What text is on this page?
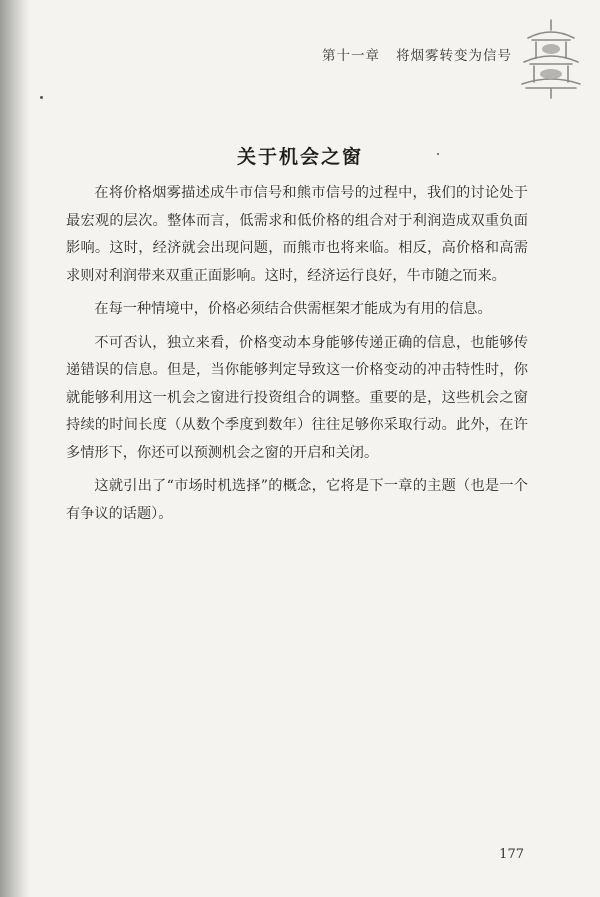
第十一章 将烟雾转变为信号
关于机会之窗

在将价格烟雾描述成牛市信号和熊市信号的过程中，我们的讨论处于最宏观的层次。整体而言，低需求和低价格的组合对于利润造成双重负面影响。这时，经济就会出现问题，而熊市也将来临。相反，高价格和高需求则对利润带来双重正面影响。这时，经济运行良好，牛市随之而来。

在每一种情境中，价格必须结合供需框架才能成为有用的信息。

不可否认，独立来看，价格变动本身能够传递正确的信息，也能够传递错误的信息。但是，当你能够判定导致这一价格变动的冲击特性时，你就能够利用这一机会之窗进行投资组合的调整。重要的是，这些机会之窗持续的时间长度（从数个季度到数年）往往足够你采取行动。此外，在许多情形下，你还可以预测机会之窗的开启和关闭。

这就引出了“市场时机选择”的概念，它将是下一章的主题（也是一个有争议的话题）。

177
